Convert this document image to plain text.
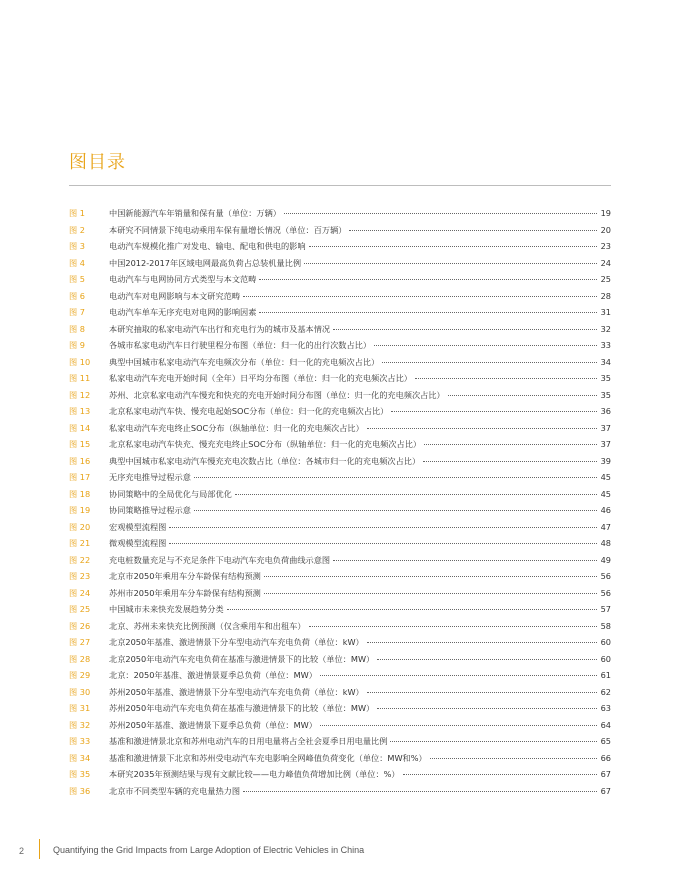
图目录
图 1	中国新能源汽车年销量和保有量（单位：万辆）	19
图 2	本研究不同情景下纯电动乘用车保有量增长情况（单位：百万辆）	20
图 3	电动汽车规模化推广对发电、输电、配电和供电的影响	23
图 4	中国2012-2017年区域电网最高负荷占总装机量比例	24
图 5	电动汽车与电网协同方式类型与本文范畴	25
图 6	电动汽车对电网影响与本文研究范畴	28
图 7	电动汽车单车无序充电对电网的影响因素	31
图 8	本研究抽取的私家电动汽车出行和充电行为的城市及基本情况	32
图 9	各城市私家电动汽车日行驶里程分布图（单位：归一化的出行次数占比）	33
图 10	典型中国城市私家电动汽车充电频次分布（单位：归一化的充电频次占比）	34
图 11	私家电动汽车充电开始时间（全年）日平均分布图（单位：归一化的充电频次占比）	35
图 12	苏州、北京私家电动汽车慢充和快充的充电开始时间分布图（单位：归一化的充电频次占比）	35
图 13	北京私家电动汽车快、慢充电起始SOC分布（单位：归一化的充电频次占比）	36
图 14	私家电动汽车充电终止SOC分布（纵轴单位：归一化的充电频次占比）	37
图 15	北京私家电动汽车快充、慢充充电终止SOC分布（纵轴单位：归一化的充电频次占比）	37
图 16	典型中国城市私家电动汽车慢充充电次数占比（单位：各城市归一化的充电频次占比）	39
图 17	无序充电推导过程示意	45
图 18	协同策略中的全局优化与局部优化	45
图 19	协同策略推导过程示意	46
图 20	宏观模型流程图	47
图 21	微观模型流程图	48
图 22	充电桩数量充足与不充足条件下电动汽车充电负荷曲线示意图	49
图 23	北京市2050年乘用车分车龄保有结构预测	56
图 24	苏州市2050年乘用车分车龄保有结构预测	56
图 25	中国城市未来快充发展趋势分类	57
图 26	北京、苏州未来快充比例预测（仅含乘用车和出租车）	58
图 27	北京2050年基准、激进情景下分车型电动汽车充电负荷（单位：kW）	60
图 28	北京2050年电动汽车充电负荷在基准与激进情景下的比较（单位：MW）	60
图 29	北京：2050年基准、激进情景夏季总负荷（单位：MW）	61
图 30	苏州2050年基准、激进情景下分车型电动汽车充电负荷（单位：kW）	62
图 31	苏州2050年电动汽车充电负荷在基准与激进情景下的比较（单位：MW）	63
图 32	苏州2050年基准、激进情景下夏季总负荷（单位：MW）	64
图 33	基准和激进情景北京和苏州电动汽车的日用电量将占全社会夏季日用电量比例	65
图 34	基准和激进情景下北京和苏州受电动汽车充电影响全网峰值负荷变化（单位：MW和%）	66
图 35	本研究2035年预测结果与现有文献比较——电力峰值负荷增加比例（单位：%）	67
图 36	北京市不同类型车辆的充电量热力图	67
2	Quantifying the Grid Impacts from Large Adoption of Electric Vehicles in China
